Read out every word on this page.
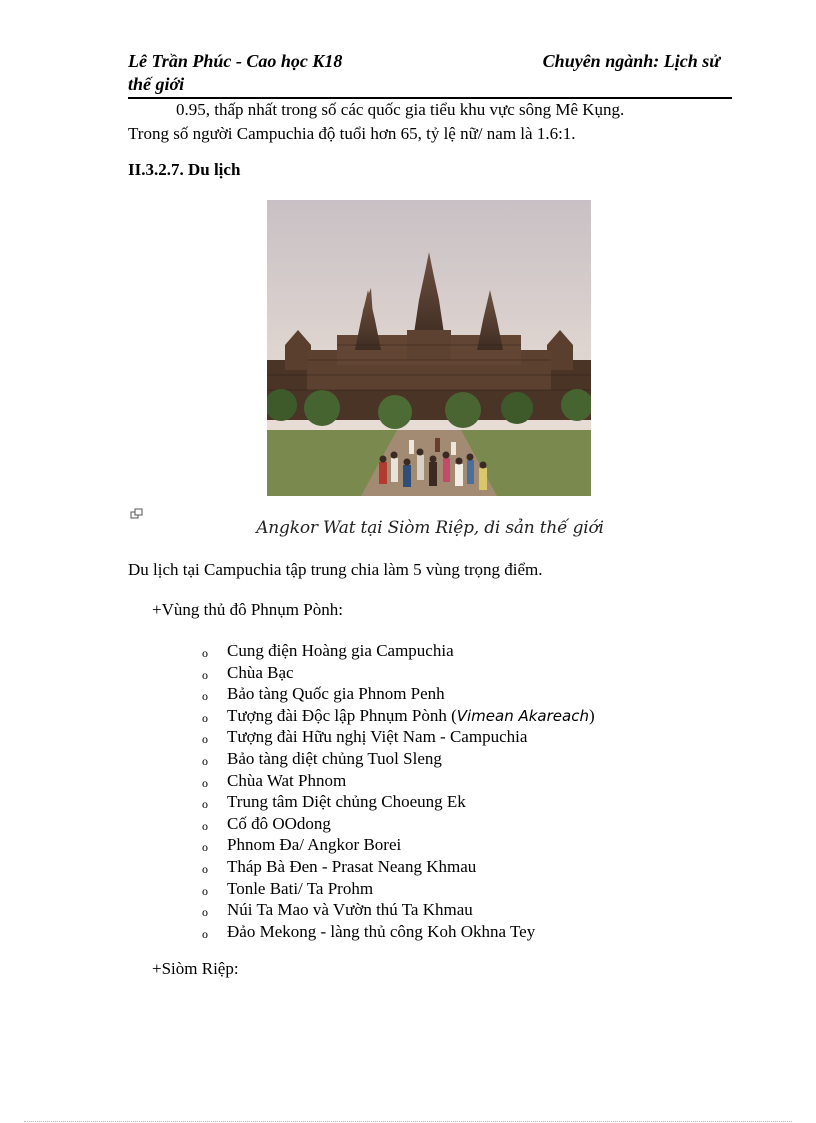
Lê Trần Phúc - Cao học K18	Chuyên ngành: Lịch sử
thế giới
0.95, thấp nhất trong số các quốc gia tiểu khu vực sông Mê Kụng.
Trong số người Campuchia độ tuổi hơn 65, tỷ lệ nữ/ nam là 1.6:1.
II.3.2.7. Du lịch
Angkor Wat tại Siòm Riệp, di sản thế giới
Du lịch tại Campuchia tập trung chia làm 5 vùng trọng điểm.
+Vùng thủ đô Phnụm Pònh:
o Cung điện Hoàng gia Campuchia
o Chùa Bạc
o Bảo tàng Quốc gia Phnom Penh
o Tượng đài Độc lập Phnụm Pònh (Vimean Akareach)
o Tượng đài Hữu nghị Việt Nam - Campuchia
o Bảo tàng diệt chủng Tuol Sleng
o Chùa Wat Phnom
o Trung tâm Diệt chủng Choeung Ek
o Cố đô OOdong
o Phnom Đa/ Angkor Borei
o Tháp Bà Đen - Prasat Neang Khmau
o Tonle Bati/ Ta Prohm
o Núi Ta Mao và Vườn thú Ta Khmau
o Đảo Mekong - làng thủ công Koh Okhna Tey
+Siòm Riệp:
